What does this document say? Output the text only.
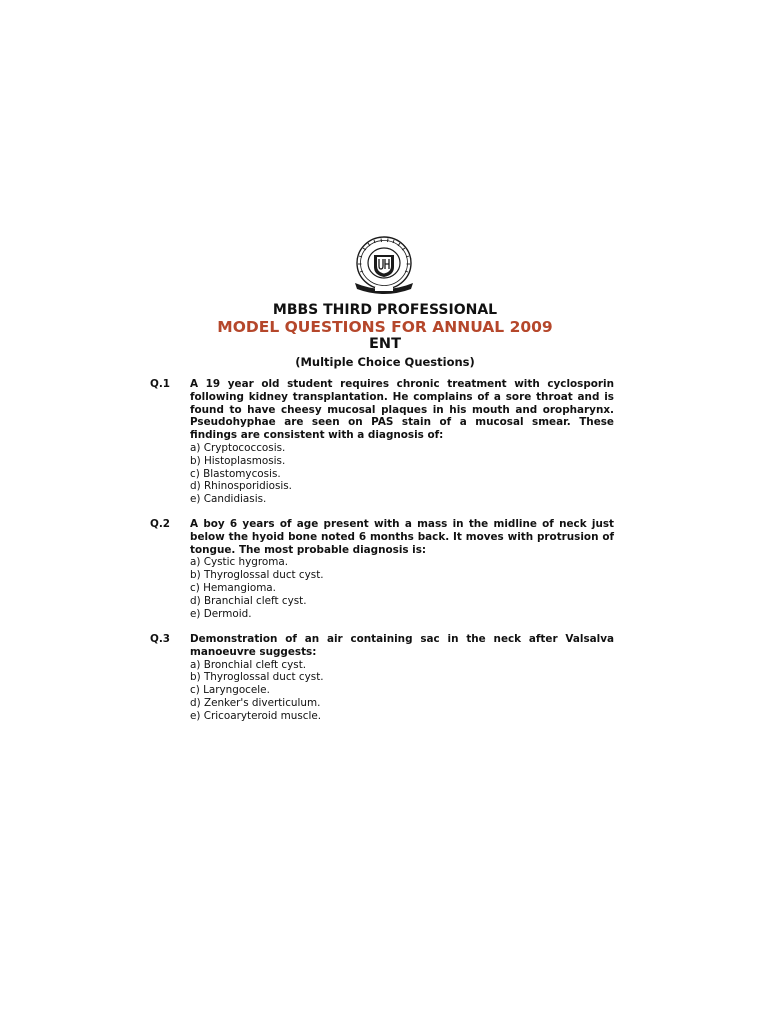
MBBS THIRD PROFESSIONAL
MODEL QUESTIONS FOR ANNUAL 2009
ENT
(Multiple Choice Questions)
Q.1 A 19 year old student requires chronic treatment with cyclosporin following kidney transplantation. He complains of a sore throat and is found to have cheesy mucosal plaques in his mouth and oropharynx. Pseudohyphae are seen on PAS stain of a mucosal smear. These findings are consistent with a diagnosis of:
a) Cryptococcosis.
b) Histoplasmosis.
c) Blastomycosis.
d) Rhinosporidiosis.
e) Candidiasis.
Q.2 A boy 6 years of age present with a mass in the midline of neck just below the hyoid bone noted 6 months back. It moves with protrusion of tongue. The most probable diagnosis is:
a) Cystic hygroma.
b) Thyroglossal duct cyst.
c) Hemangioma.
d) Branchial cleft cyst.
e) Dermoid.
Q.3 Demonstration of an air containing sac in the neck after Valsalva manoeuvre suggests:
a) Bronchial cleft cyst.
b) Thyroglossal duct cyst.
c) Laryngocele.
d) Zenker's diverticulum.
e) Cricoaryteroid muscle.
